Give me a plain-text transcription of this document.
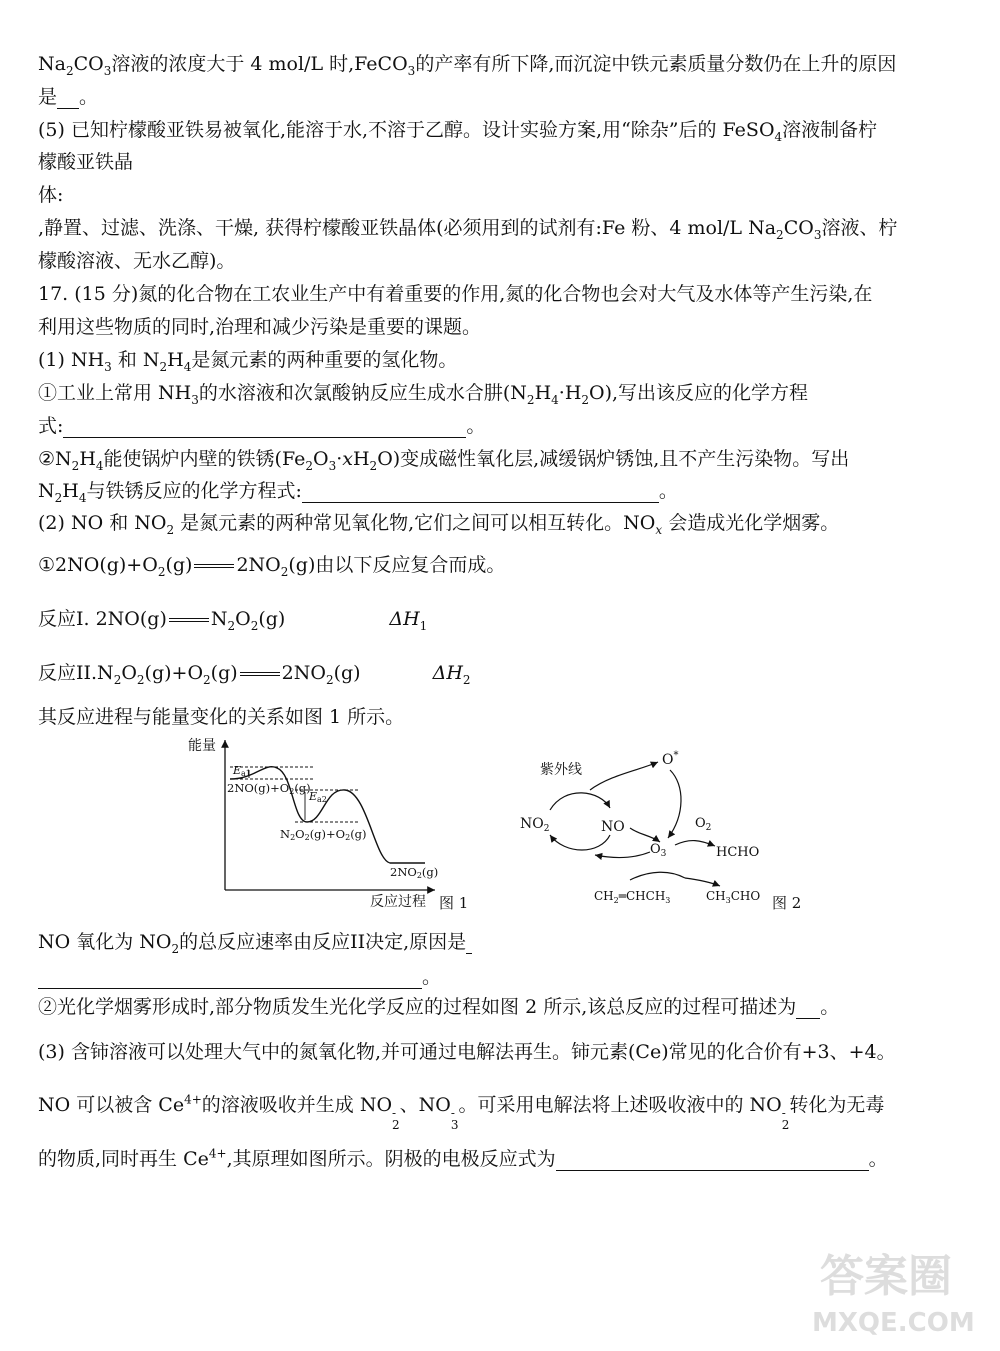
$Na_2CO_3$溶液的浓度大于 4 mol/L 时,FeCO$_3$的产率有所下降,而沉淀中铁元素质量分数仍在上升的原因
是 。
(5) 已知柠檬酸亚铁易被氧化,能溶于水,不溶于乙醇。设计实验方案,用“除杂”后的 FeSO$_4$溶液制备柠
檬酸亚铁晶
体:
,静置、过滤、洗涤、干燥, 获得柠檬酸亚铁晶体(必须用到的试剂有:Fe 粉、4 mol/L $Na_2CO_3$溶液、柠
檬酸溶液、无水乙醇)。
17. (15 分)氮的化合物在工农业生产中有着重要的作用,氮的化合物也会对大气及水体等产生污染,在
利用这些物质的同时,治理和减少污染是重要的课题。
(1) $NH_3$ 和 $N_2H_4$是氮元素的两种重要的氢化物。
①工业上常用 $NH_3$的水溶液和次氯酸钠反应生成水合肼$(N_2H_4\cdot H_2O)$,写出该反应的化学方程
式:	。
$②N_2H_4$能使锅炉内壁的铁锈$(Fe_2O_3\cdot xH_2O)$变成磁性氧化层,减缓锅炉锈蚀,且不产生污染物。写出
$N_2H_4$与铁锈反应的化学方程式:	。
(2) NO 和 $NO_2$ 是氮元素的两种常见氧化物,它们之间可以相互转化。$NO_x$ 会造成光化学烟雾。
$①2NO(g)+O_2(g)$ $2NO_2(g)$由以下反应复合而成。
反应I. 2NO(g) $N_2O_2(g)$	$\Delta H_1$
反应$II.N_2O_2(g)+O_2(g)$ $2NO_2(g)$	$\Delta H_2$
其反应进程与能量变化的关系如图 1 所示。
NO 氧化为 $NO_2$的总反应速率由反应II决定,原因是
。
②光化学烟雾形成时,部分物质发生光化学反应的过程如图 2 所示,该总反应的过程可描述为 。
(3) 含铈溶液可以处理大气中的氮氧化物,并可通过电解法再生。铈元素(Ce)常见的化合价有+3、+4。
NO 可以被含 $Ce^{4+}$的溶液吸收并生成 NO -
2
、NO -
3
。可采用电解法将上述吸收液中的 NO -
2
转化为无毒
的物质,同时再生 $Ce^{4+}$,其原理如图所示。阴极的电极反应式为	。
能量
反应过程 图 1
Ea1
Ea2
2NO(g)+O2(g)
N2O2(g)+O2(g)
2NO2(g)
紫外线
O*
$NO_2$	NO	$O_2$
$O_3$	HCHO
$CH_2═CHCH_3$	$CH_3CHO$ 图 2
答案圈
MXQE.COM
